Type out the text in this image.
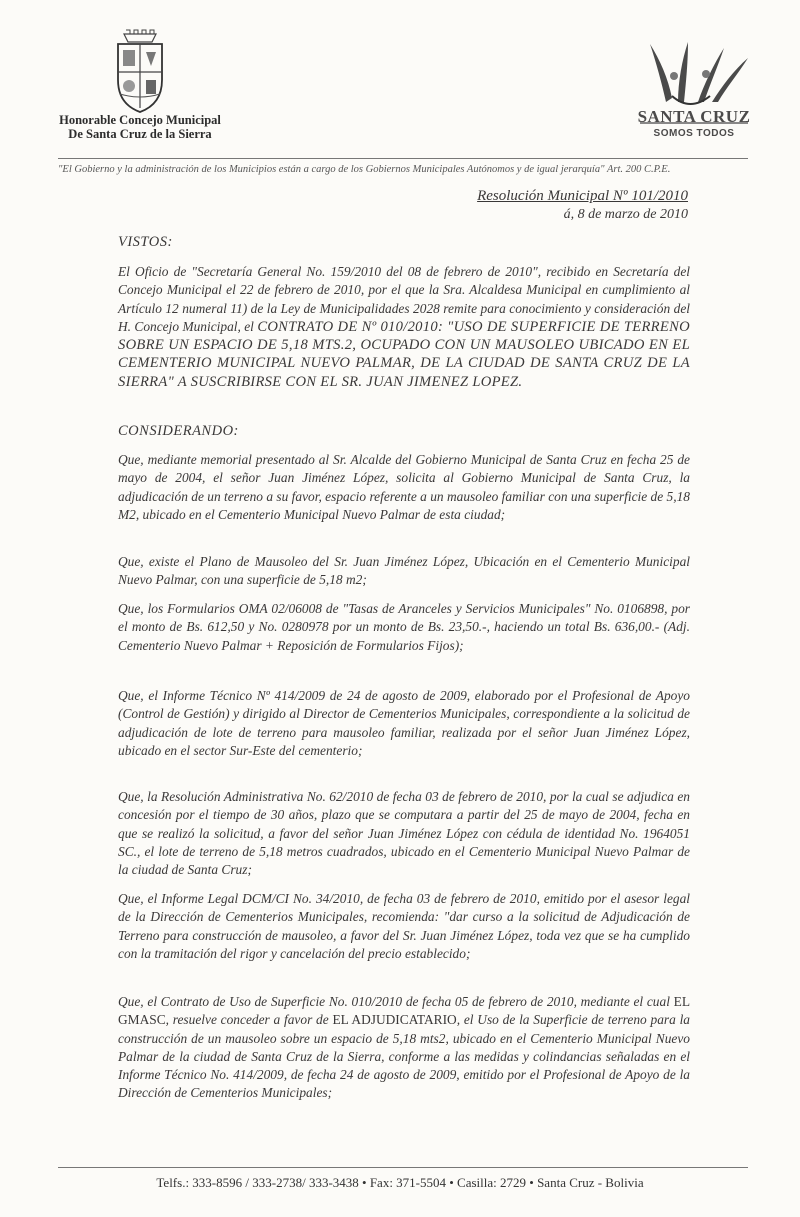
Honorable Concejo Municipal
De Santa Cruz de la Sierra
SANTA CRUZ
SOMOS TODOS
"El Gobierno y la administración de los Municipios están a cargo de los Gobiernos Municipales Autónomos y de igual jerarquía" Art. 200 C.P.E.
Resolución Municipal Nº 101/2010
á, 8 de marzo de 2010
VISTOS:
El Oficio de "Secretaría General No. 159/2010 del 08 de febrero de 2010", recibido en Secretaría del Concejo Municipal el 22 de febrero de 2010, por el que la Sra. Alcaldesa Municipal en cumplimiento al Artículo 12 numeral 11) de la Ley de Municipalidades 2028 remite para conocimiento y consideración del H. Concejo Municipal, el CONTRATO DE Nº 010/2010: "USO DE SUPERFICIE DE TERRENO SOBRE UN ESPACIO DE 5,18 MTS.2, OCUPADO CON UN MAUSOLEO UBICADO EN EL CEMENTERIO MUNICIPAL NUEVO PALMAR, DE LA CIUDAD DE SANTA CRUZ DE LA SIERRA" A SUSCRIBIRSE CON EL SR. JUAN JIMENEZ LOPEZ.
CONSIDERANDO:
Que, mediante memorial presentado al Sr. Alcalde del Gobierno Municipal de Santa Cruz en fecha 25 de mayo de 2004, el señor Juan Jiménez López, solicita al Gobierno Municipal de Santa Cruz, la adjudicación de un terreno a su favor, espacio referente a un mausoleo familiar con una superficie de 5,18 M2, ubicado en el Cementerio Municipal Nuevo Palmar de esta ciudad;
Que, existe el Plano de Mausoleo del Sr. Juan Jiménez López, Ubicación en el Cementerio Municipal Nuevo Palmar, con una superficie de 5,18 m2;
Que, los Formularios OMA 02/06008 de "Tasas de Aranceles y Servicios Municipales" No. 0106898, por el monto de Bs. 612,50 y No. 0280978 por un monto de Bs. 23,50.-, haciendo un total Bs. 636,00.- (Adj. Cementerio Nuevo Palmar + Reposición de Formularios Fijos);
Que, el Informe Técnico Nº 414/2009 de 24 de agosto de 2009, elaborado por el Profesional de Apoyo (Control de Gestión) y dirigido al Director de Cementerios Municipales, correspondiente a la solicitud de adjudicación de lote de terreno para mausoleo familiar, realizada por el señor Juan Jiménez López, ubicado en el sector Sur-Este del cementerio;
Que, la Resolución Administrativa No. 62/2010 de fecha 03 de febrero de 2010, por la cual se adjudica en concesión por el tiempo de 30 años, plazo que se computara a partir del 25 de mayo de 2004, fecha en que se realizó la solicitud, a favor del señor Juan Jiménez López con cédula de identidad No. 1964051 SC., el lote de terreno de 5,18 metros cuadrados, ubicado en el Cementerio Municipal Nuevo Palmar de la ciudad de Santa Cruz;
Que, el Informe Legal DCM/CI No. 34/2010, de fecha 03 de febrero de 2010, emitido por el asesor legal de la Dirección de Cementerios Municipales, recomienda: "dar curso a la solicitud de Adjudicación de Terreno para construcción de mausoleo, a favor del Sr. Juan Jiménez López, toda vez que se ha cumplido con la tramitación del rigor y cancelación del precio establecido;
Que, el Contrato de Uso de Superficie No. 010/2010 de fecha 05 de febrero de 2010, mediante el cual EL GMASC, resuelve conceder a favor de EL ADJUDICATARIO, el Uso de la Superficie de terreno para la construcción de un mausoleo sobre un espacio de 5,18 mts2, ubicado en el Cementerio Municipal Nuevo Palmar de la ciudad de Santa Cruz de la Sierra, conforme a las medidas y colindancias señaladas en el Informe Técnico No. 414/2009, de fecha 24 de agosto de 2009, emitido por el Profesional de Apoyo de la Dirección de Cementerios Municipales;
Telfs.: 333-8596 / 333-2738/ 333-3438 • Fax: 371-5504 • Casilla: 2729 • Santa Cruz - Bolivia
